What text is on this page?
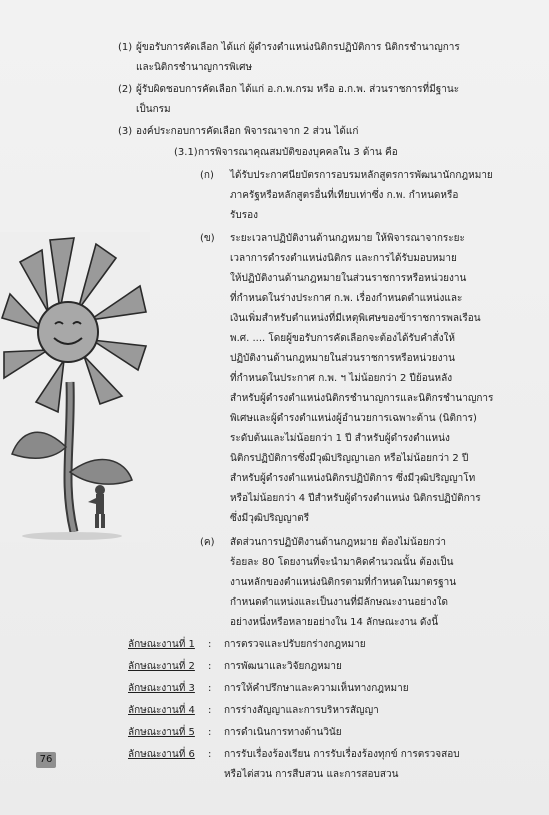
(1) ผู้ขอรับการคัดเลือก ได้แก่ ผู้ดำรงตำแหน่งนิติกรปฏิบัติการ นิติกรชำนาญการ
และนิติกรชำนาญการพิเศษ
(2) ผู้รับผิดชอบการคัดเลือก ได้แก่ อ.ก.พ.กรม หรือ อ.ก.พ. ส่วนราชการที่มีฐานะ
เป็นกรม
(3) องค์ประกอบการคัดเลือก พิจารณาจาก 2 ส่วน ได้แก่
(3.1) การพิจารณาคุณสมบัติของบุคคลใน 3 ด้าน คือ
(ก) ได้รับประกาศนียบัตรการอบรมหลักสูตรการพัฒนานักกฎหมาย
ภาครัฐหรือหลักสูตรอื่นที่เทียบเท่าซึ่ง ก.พ. กำหนดหรือ
รับรอง
(ข) ระยะเวลาปฏิบัติงานด้านกฎหมาย ให้พิจารณาจากระยะ
เวลาการดำรงตำแหน่งนิติกร และการได้รับมอบหมาย
ให้ปฏิบัติงานด้านกฎหมายในส่วนราชการหรือหน่วยงาน
ที่กำหนดในร่างประกาศ ก.พ. เรื่องกำหนดตำแหน่งและ
เงินเพิ่มสำหรับตำแหน่งที่มีเหตุพิเศษของข้าราชการพลเรือน
พ.ศ. .... โดยผู้ขอรับการคัดเลือกจะต้องได้รับคำสั่งให้
ปฏิบัติงานด้านกฎหมายในส่วนราชการหรือหน่วยงาน
ที่กำหนดในประกาศ ก.พ. ฯ ไม่น้อยกว่า 2 ปีย้อนหลัง
สำหรับผู้ดำรงตำแหน่งนิติกรชำนาญการและนิติกรชำนาญการ
พิเศษและผู้ดำรงตำแหน่งผู้อำนวยการเฉพาะด้าน (นิติการ)
ระดับต้นและไม่น้อยกว่า 1 ปี สำหรับผู้ดำรงตำแหน่ง
นิติกรปฏิบัติการซึ่งมีวุฒิปริญญาเอก หรือไม่น้อยกว่า 2 ปี
สำหรับผู้ดำรงตำแหน่งนิติกรปฏิบัติการ ซึ่งมีวุฒิปริญญาโท
หรือไม่น้อยกว่า 4 ปีสำหรับผู้ดำรงตำแหน่ง นิติกรปฏิบัติการ
ซึ่งมีวุฒิปริญญาตรี
(ค) สัดส่วนการปฏิบัติงานด้านกฎหมาย ต้องไม่น้อยกว่า
ร้อยละ 80 โดยงานที่จะนำมาคิดคำนวณนั้น ต้องเป็น
งานหลักของตำแหน่งนิติกรตามที่กำหนดในมาตรฐาน
กำหนดตำแหน่งและเป็นงานที่มีลักษณะงานอย่างใด
อย่างหนึ่งหรือหลายอย่างใน 14 ลักษณะงาน ดังนี้
ลักษณะงานที่ 1 : การตรวจและปรับยกร่างกฎหมาย
ลักษณะงานที่ 2 : การพัฒนาและวิจัยกฎหมาย
ลักษณะงานที่ 3 : การให้คำปรึกษาและความเห็นทางกฎหมาย
ลักษณะงานที่ 4 : การร่างสัญญาและการบริหารสัญญา
ลักษณะงานที่ 5 : การดำเนินการทางด้านวินัย
ลักษณะงานที่ 6 : การรับเรื่องร้องเรียน การรับเรื่องร้องทุกข์ การตรวจสอบ
หรือไต่สวน การสืบสวน และการสอบสวน
76
